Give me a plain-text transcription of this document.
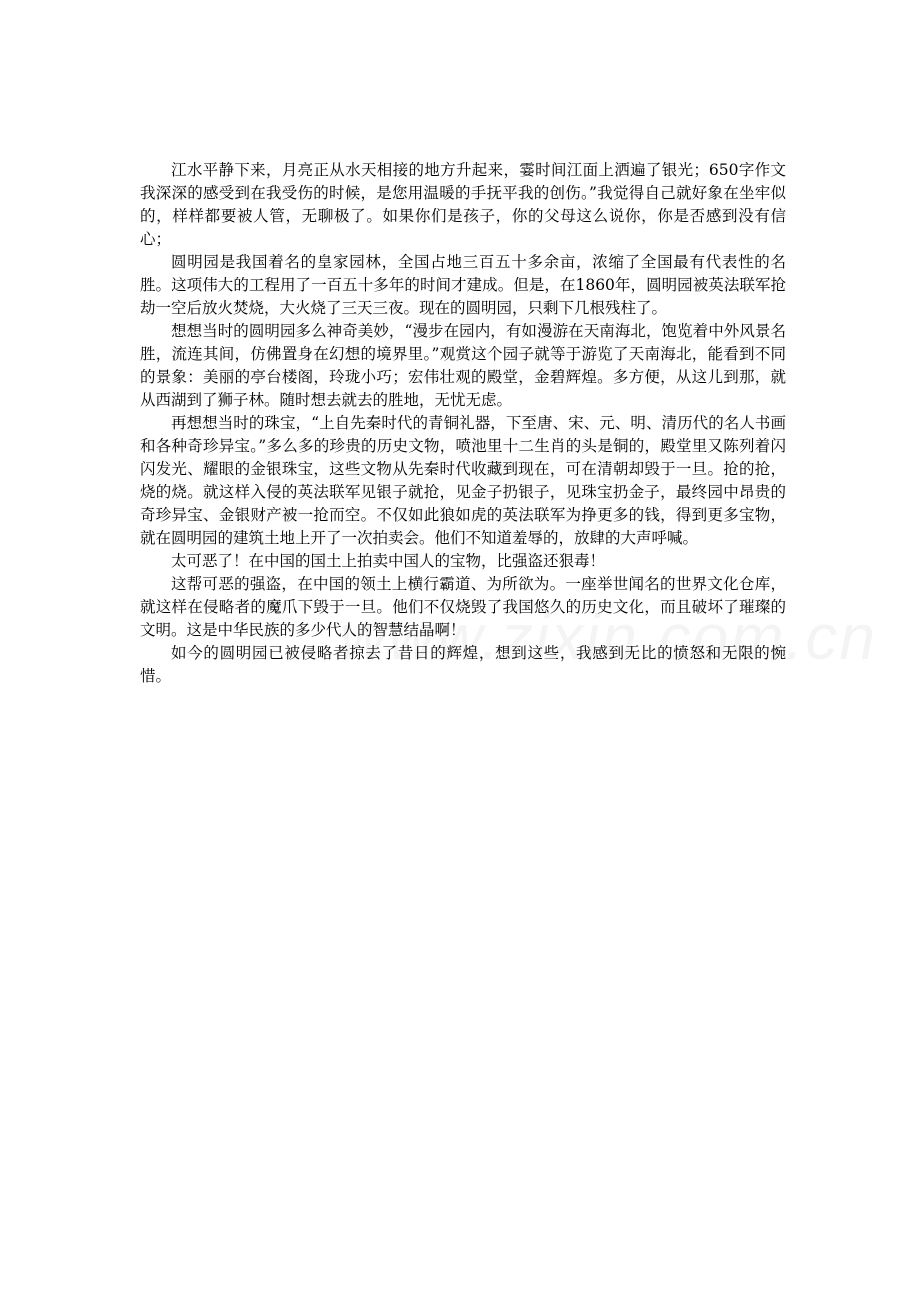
江水平静下来，月亮正从水天相接的地方升起来，霎时间江面上洒遍了银光；650字作文我深深的感受到在我受伤的时候，是您用温暖的手抚平我的创伤。”我觉得自己就好象在坐牢似的，样样都要被人管，无聊极了。如果你们是孩子，你的父母这么说你，你是否感到没有信心；

圆明园是我国着名的皇家园林，全国占地三百五十多余亩，浓缩了全国最有代表性的名胜。这项伟大的工程用了一百五十多年的时间才建成。但是，在1860年，圆明园被英法联军抢劫一空后放火焚烧，大火烧了三天三夜。现在的圆明园，只剩下几根残柱了。

想想当时的圆明园多么神奇美妙，“漫步在园内，有如漫游在天南海北，饱览着中外风景名胜，流连其间，仿佛置身在幻想的境界里。”观赏这个园子就等于游览了天南海北，能看到不同的景象：美丽的亭台楼阁，玲珑小巧；宏伟壮观的殿堂，金碧辉煌。多方便，从这儿到那，就从西湖到了狮子林。随时想去就去的胜地，无忧无虑。

再想想当时的珠宝，“上自先秦时代的青铜礼器，下至唐、宋、元、明、清历代的名人书画和各种奇珍异宝。”多么多的珍贵的历史文物，喷池里十二生肖的头是铜的，殿堂里又陈列着闪闪发光、耀眼的金银珠宝，这些文物从先秦时代收藏到现在，可在清朝却毁于一旦。抢的抢，烧的烧。就这样入侵的英法联军见银子就抢，见金子扔银子，见珠宝扔金子，最终园中昂贵的奇珍异宝、金银财产被一抢而空。不仅如此狼如虎的英法联军为挣更多的钱，得到更多宝物，就在圆明园的建筑土地上开了一次拍卖会。他们不知道羞辱的，放肆的大声呼喊。

太可恶了！在中国的国土上拍卖中国人的宝物，比强盗还狠毒！

这帮可恶的强盗，在中国的领土上横行霸道、为所欲为。一座举世闻名的世界文化仓库，就这样在侵略者的魔爪下毁于一旦。他们不仅烧毁了我国悠久的历史文化，而且破坏了璀璨的文明。这是中华民族的多少代人的智慧结晶啊！

如今的圆明园已被侵略者掠去了昔日的辉煌，想到这些，我感到无比的愤怒和无限的惋惜。
